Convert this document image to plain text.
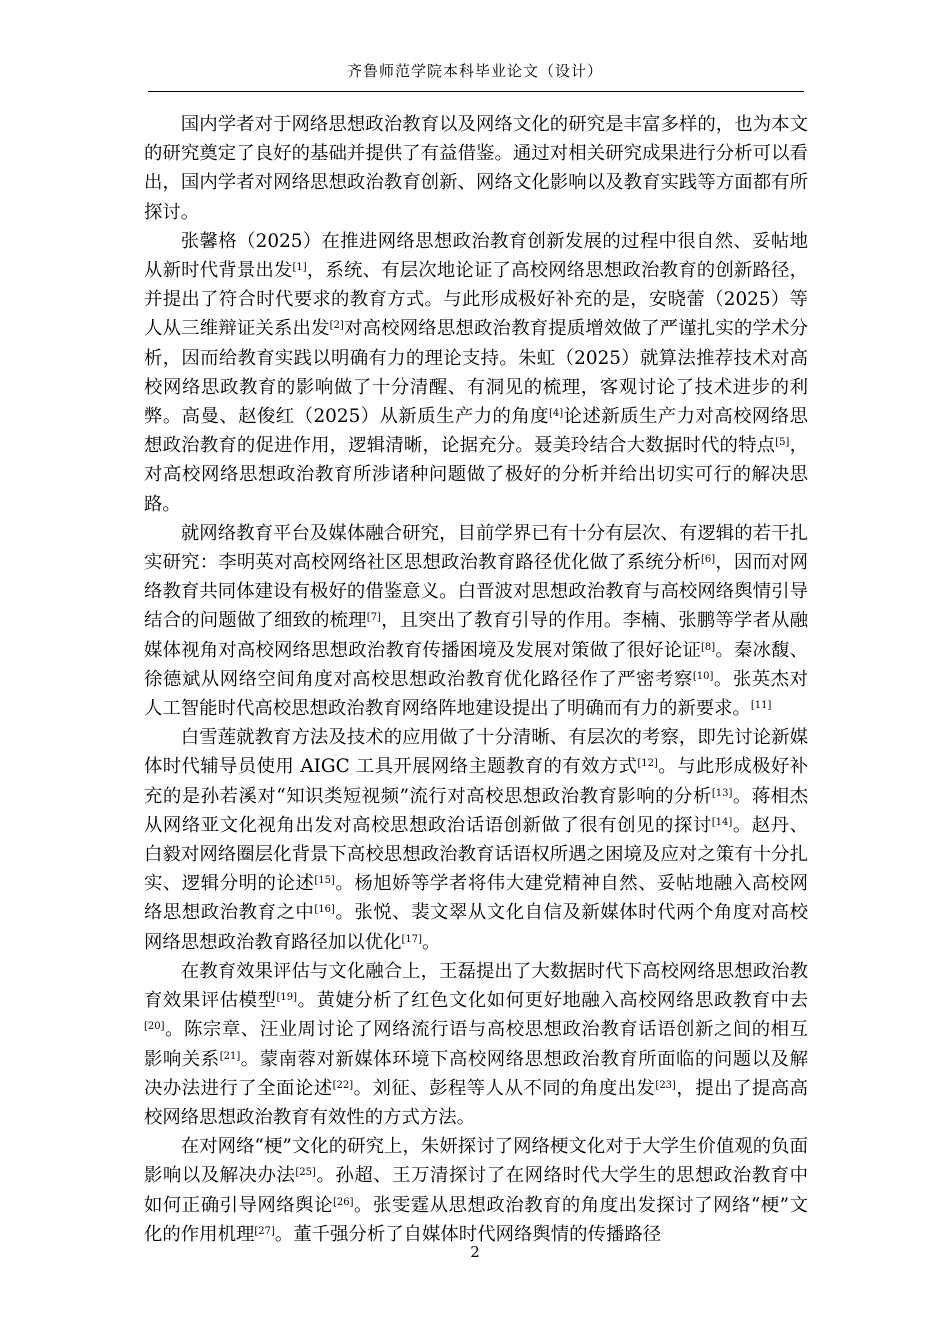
齐鲁师范学院本科毕业论文（设计）

国内学者对于网络思想政治教育以及网络文化的研究是丰富多样的，也为本文的研究奠定了良好的基础并提供了有益借鉴。通过对相关研究成果进行分析可以看出，国内学者对网络思想政治教育创新、网络文化影响以及教育实践等方面都有所探讨。

张馨格（2025）在推进网络思想政治教育创新发展的过程中很自然、妥帖地从新时代背景出发[1]，系统、有层次地论证了高校网络思想政治教育的创新路径，并提出了符合时代要求的教育方式。与此形成极好补充的是，安晓蕾（2025）等人从三维辩证关系出发[2]对高校网络思想政治教育提质增效做了严谨扎实的学术分析，因而给教育实践以明确有力的理论支持。朱虹（2025）就算法推荐技术对高校网络思政教育的影响做了十分清醒、有洞见的梳理，客观讨论了技术进步的利弊。高曼、赵俊红（2025）从新质生产力的角度[4]论述新质生产力对高校网络思想政治教育的促进作用，逻辑清晰，论据充分。聂美玲结合大数据时代的特点[5]，对高校网络思想政治教育所涉诸种问题做了极好的分析并给出切实可行的解决思路。

就网络教育平台及媒体融合研究，目前学界已有十分有层次、有逻辑的若干扎实研究：李明英对高校网络社区思想政治教育路径优化做了系统分析[6]，因而对网络教育共同体建设有极好的借鉴意义。白晋波对思想政治教育与高校网络舆情引导结合的问题做了细致的梳理[7]，且突出了教育引导的作用。李楠、张鹏等学者从融媒体视角对高校网络思想政治教育传播困境及发展对策做了很好论证[8]。秦冰馥、徐德斌从网络空间角度对高校思想政治教育优化路径作了严密考察[10]。张英杰对人工智能时代高校思想政治教育网络阵地建设提出了明确而有力的新要求。[11]

白雪莲就教育方法及技术的应用做了十分清晰、有层次的考察，即先讨论新媒体时代辅导员使用 AIGC 工具开展网络主题教育的有效方式[12]。与此形成极好补充的是孙若溪对“知识类短视频”流行对高校思想政治教育影响的分析[13]。蒋相杰从网络亚文化视角出发对高校思想政治话语创新做了很有创见的探讨[14]。赵丹、白毅对网络圈层化背景下高校思想政治教育话语权所遇之困境及应对之策有十分扎实、逻辑分明的论述[15]。杨旭娇等学者将伟大建党精神自然、妥帖地融入高校网络思想政治教育之中[16]。张悦、裴文翠从文化自信及新媒体时代两个角度对高校网络思想政治教育路径加以优化[17]。

在教育效果评估与文化融合上，王磊提出了大数据时代下高校网络思想政治教育效果评估模型[19]。黄婕分析了红色文化如何更好地融入高校网络思政教育中去[20]。陈宗章、汪业周讨论了网络流行语与高校思想政治教育话语创新之间的相互影响关系[21]。蒙南蓉对新媒体环境下高校网络思想政治教育所面临的问题以及解决办法进行了全面论述[22]。刘征、彭程等人从不同的角度出发[23]，提出了提高高校网络思想政治教育有效性的方式方法。

在对网络“梗”文化的研究上，朱妍探讨了网络梗文化对于大学生价值观的负面影响以及解决办法[25]。孙超、王万清探讨了在网络时代大学生的思想政治教育中如何正确引导网络舆论[26]。张雯霆从思想政治教育的角度出发探讨了网络“梗”文化的作用机理[27]。董千强分析了自媒体时代网络舆情的传播路径

2
